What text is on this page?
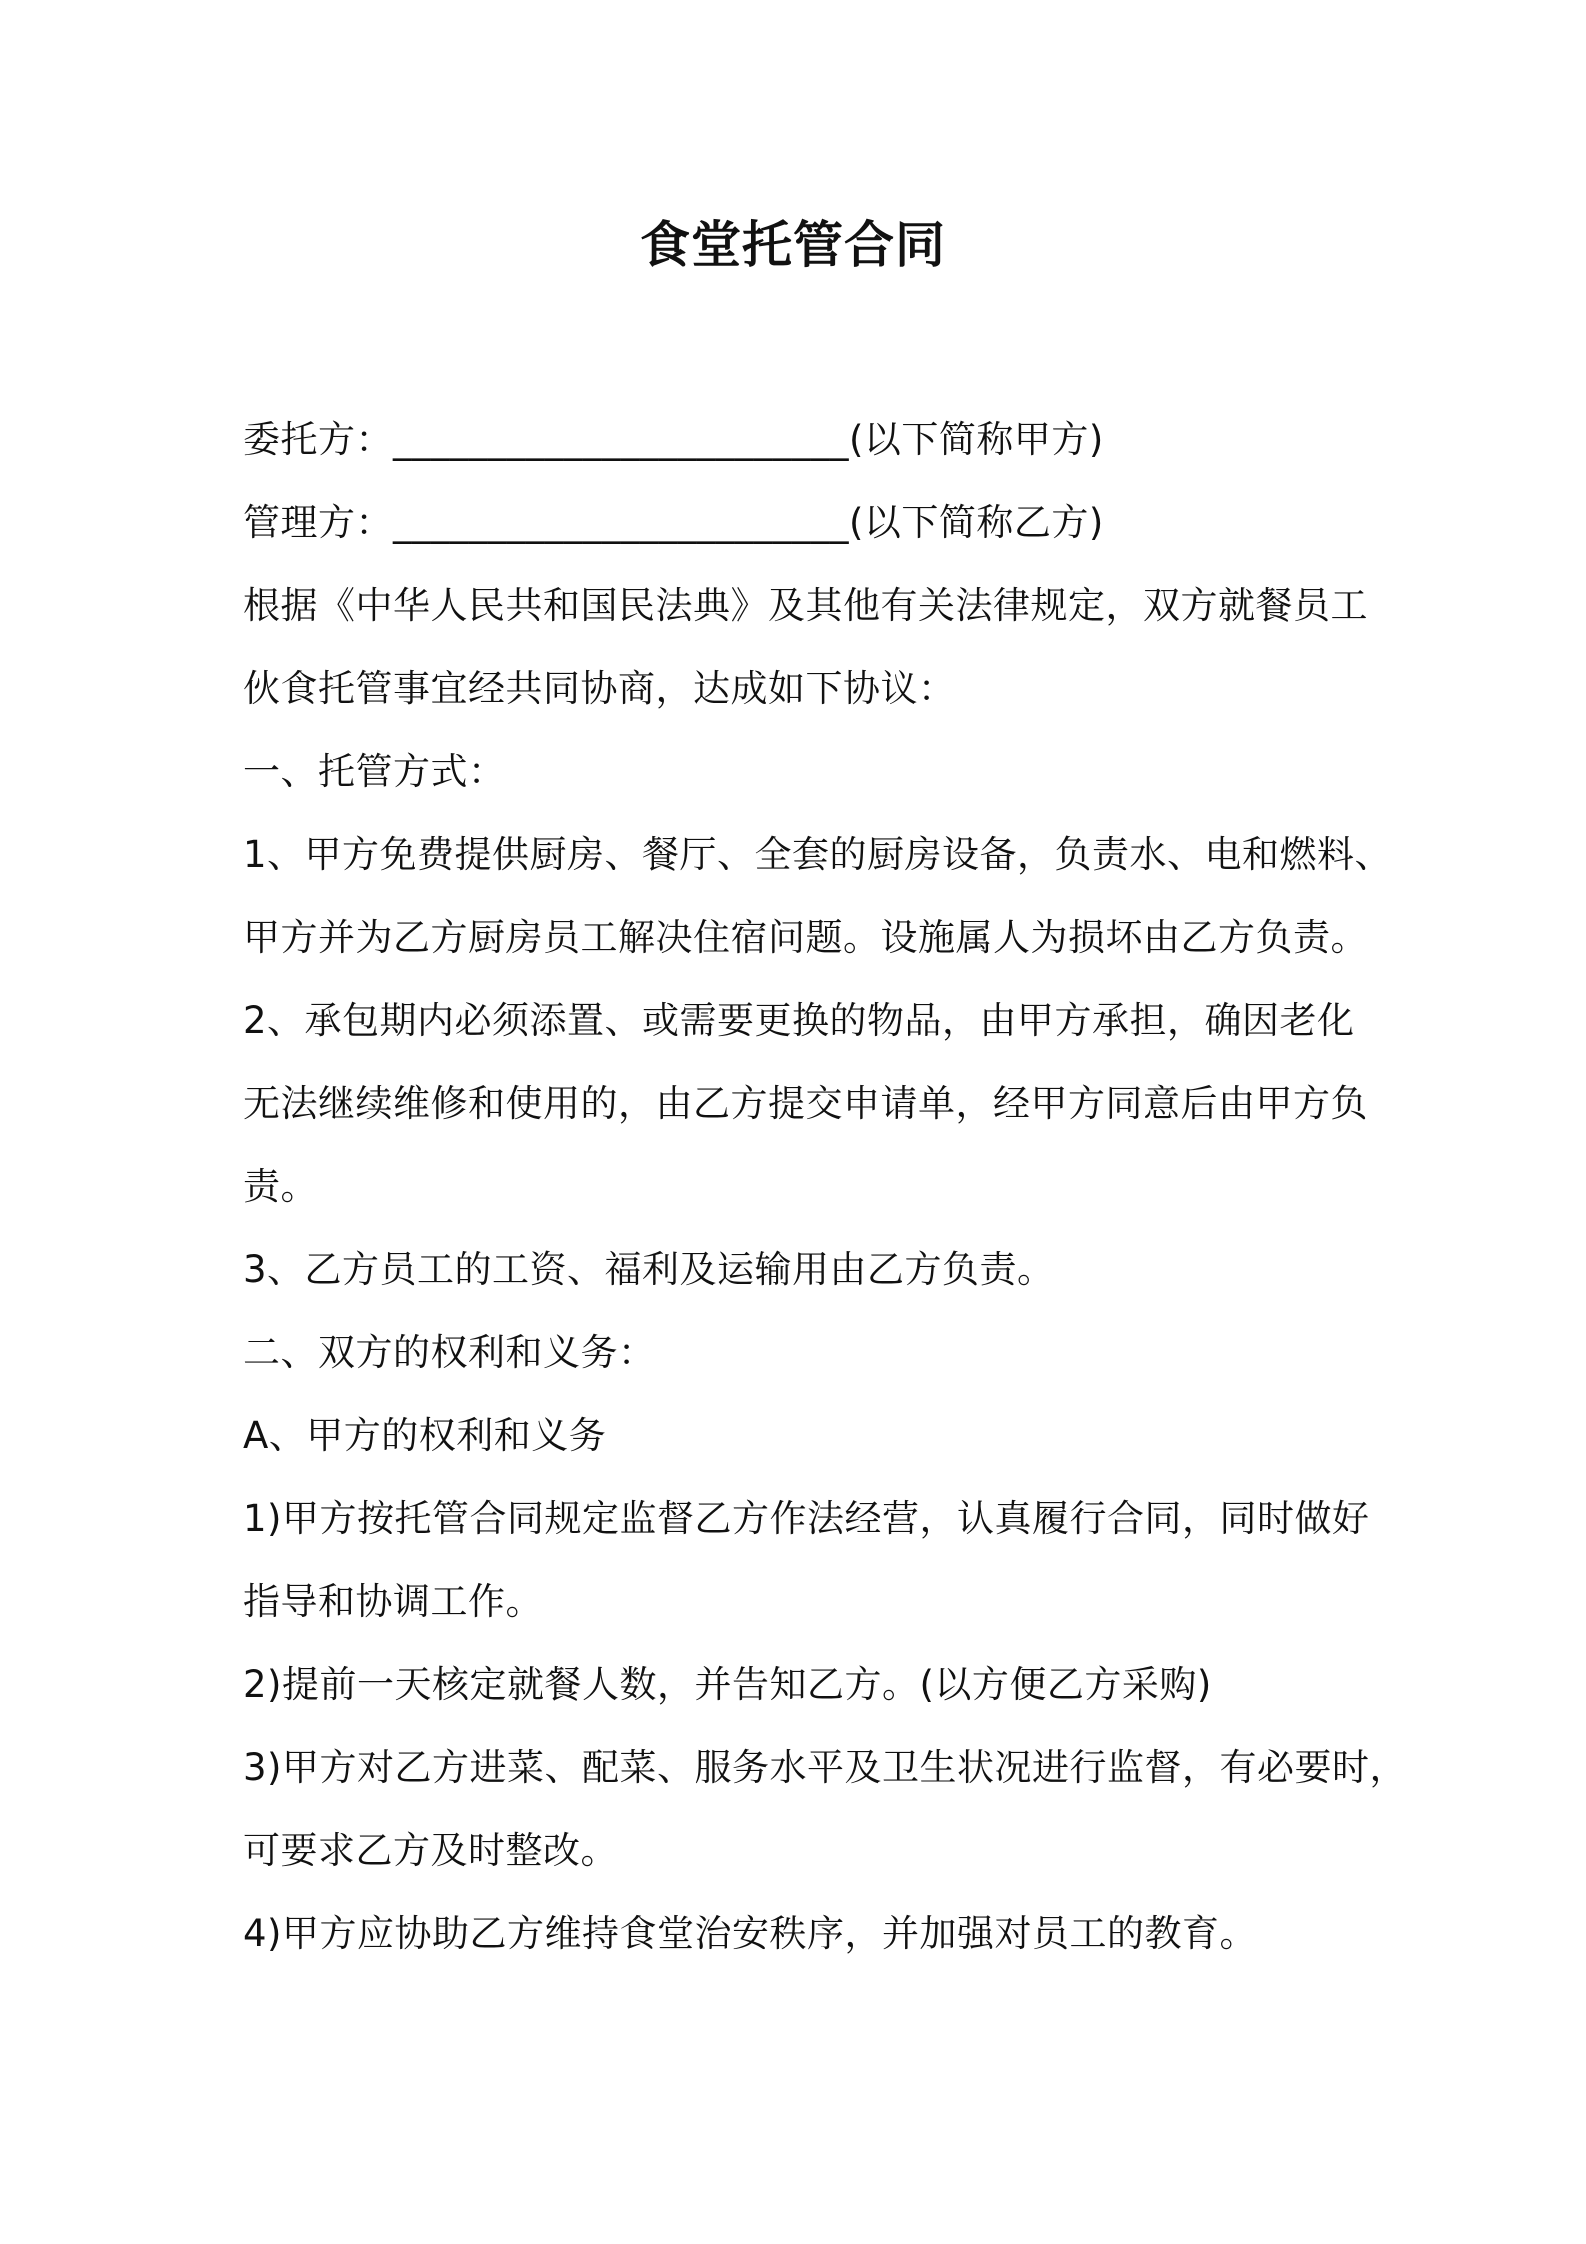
食堂托管合同
委托方：________________________(以下简称甲方)
管理方：________________________(以下简称乙方)
根据《中华人民共和国民法典》及其他有关法律规定，双方就餐员工
伙食托管事宜经共同协商，达成如下协议：
一、托管方式：
1、甲方免费提供厨房、餐厅、全套的厨房设备，负责水、电和燃料、
甲方并为乙方厨房员工解决住宿问题。设施属人为损坏由乙方负责。
2、承包期内必须添置、或需要更换的物品，由甲方承担，确因老化
无法继续维修和使用的，由乙方提交申请单，经甲方同意后由甲方负
责。
3、乙方员工的工资、福利及运输用由乙方负责。
二、双方的权利和义务：
A、甲方的权利和义务
1)甲方按托管合同规定监督乙方作法经营，认真履行合同，同时做好
指导和协调工作。
2)提前一天核定就餐人数，并告知乙方。(以方便乙方采购)
3)甲方对乙方进菜、配菜、服务水平及卫生状况进行监督，有必要时，
可要求乙方及时整改。
4)甲方应协助乙方维持食堂治安秩序，并加强对员工的教育。
